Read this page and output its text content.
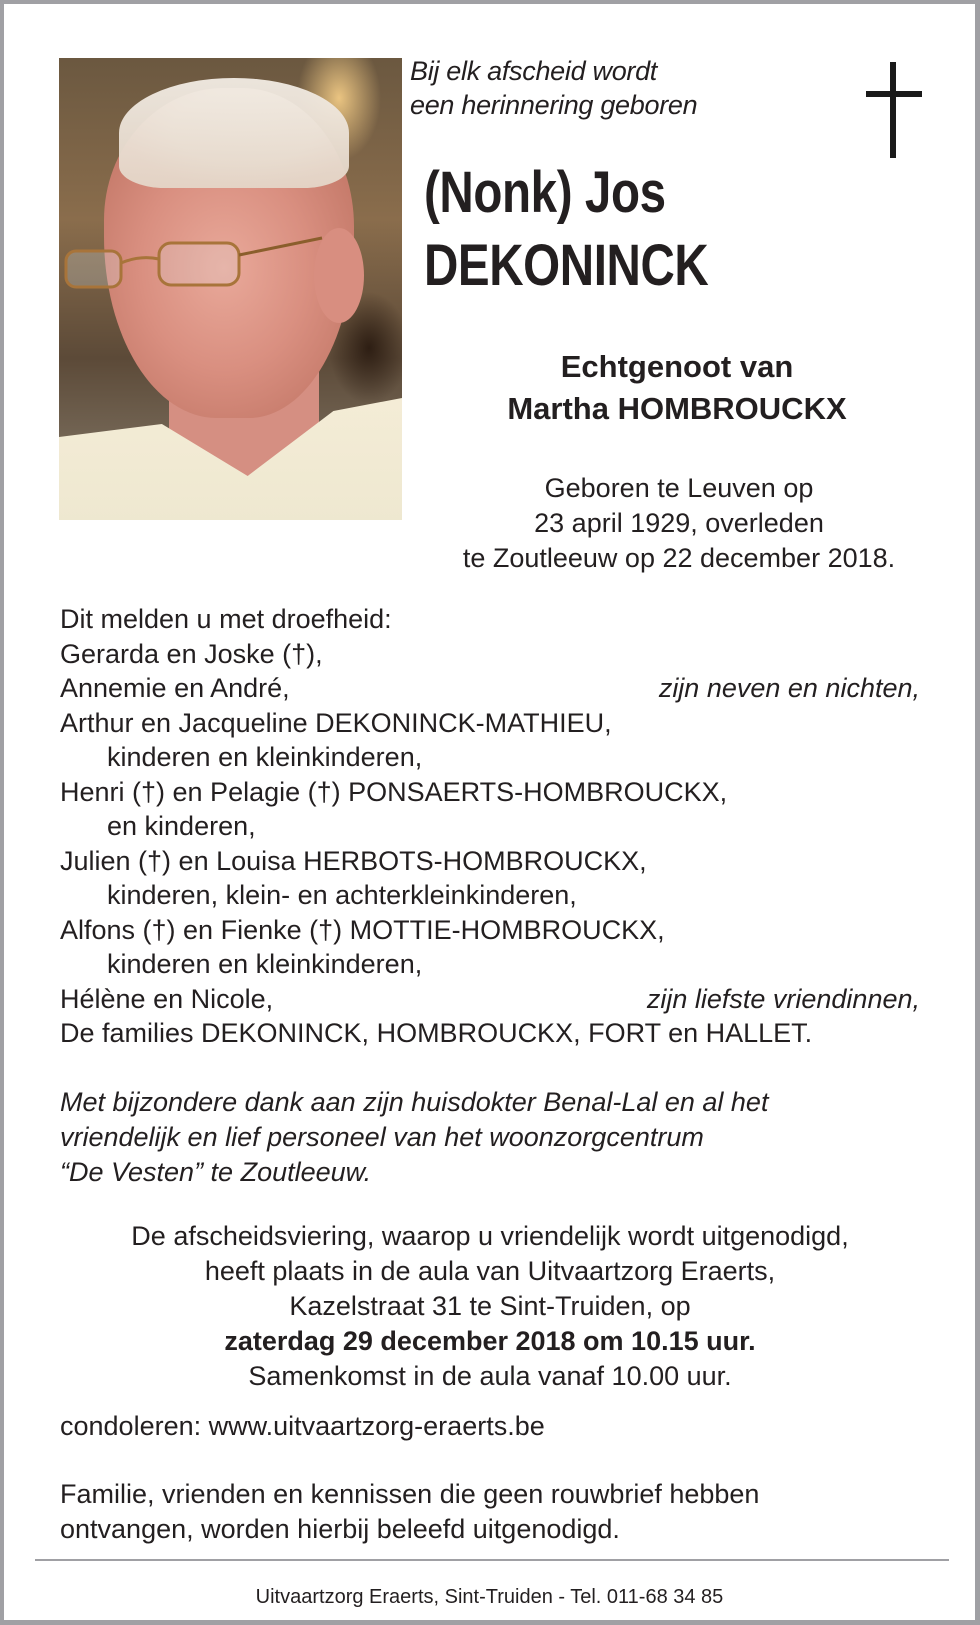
Bij elk afscheid wordt
een herinnering geboren
(Nonk) Jos
DEKONINCK
Echtgenoot van
Martha HOMBROUCKX
Geboren te Leuven op
23 april 1929, overleden
te Zoutleeuw op 22 december 2018.
Dit melden u met droefheid:
Gerarda en Joske (†),
Annemie en André,	zijn neven en nichten,
Arthur en Jacqueline DEKONINCK-MATHIEU,
kinderen en kleinkinderen,
Henri (†) en Pelagie (†) PONSAERTS-HOMBROUCKX,
en kinderen,
Julien (†) en Louisa HERBOTS-HOMBROUCKX,
kinderen, klein- en achterkleinkinderen,
Alfons (†) en Fienke (†) MOTTIE-HOMBROUCKX,
kinderen en kleinkinderen,
Hélène en Nicole,	zijn liefste vriendinnen,
De families DEKONINCK, HOMBROUCKX, FORT en HALLET.
Met bijzondere dank aan zijn huisdokter Benal-Lal en al het
vriendelijk en lief personeel van het woonzorgcentrum
“De Vesten” te Zoutleeuw.
De afscheidsviering, waarop u vriendelijk wordt uitgenodigd,
heeft plaats in de aula van Uitvaartzorg Eraerts,
Kazelstraat 31 te Sint-Truiden, op
zaterdag 29 december 2018 om 10.15 uur.
Samenkomst in de aula vanaf 10.00 uur.
condoleren: www.uitvaartzorg-eraerts.be
Familie, vrienden en kennissen die geen rouwbrief hebben
ontvangen, worden hierbij beleefd uitgenodigd.
Uitvaartzorg Eraerts, Sint-Truiden - Tel. 011-68 34 85
